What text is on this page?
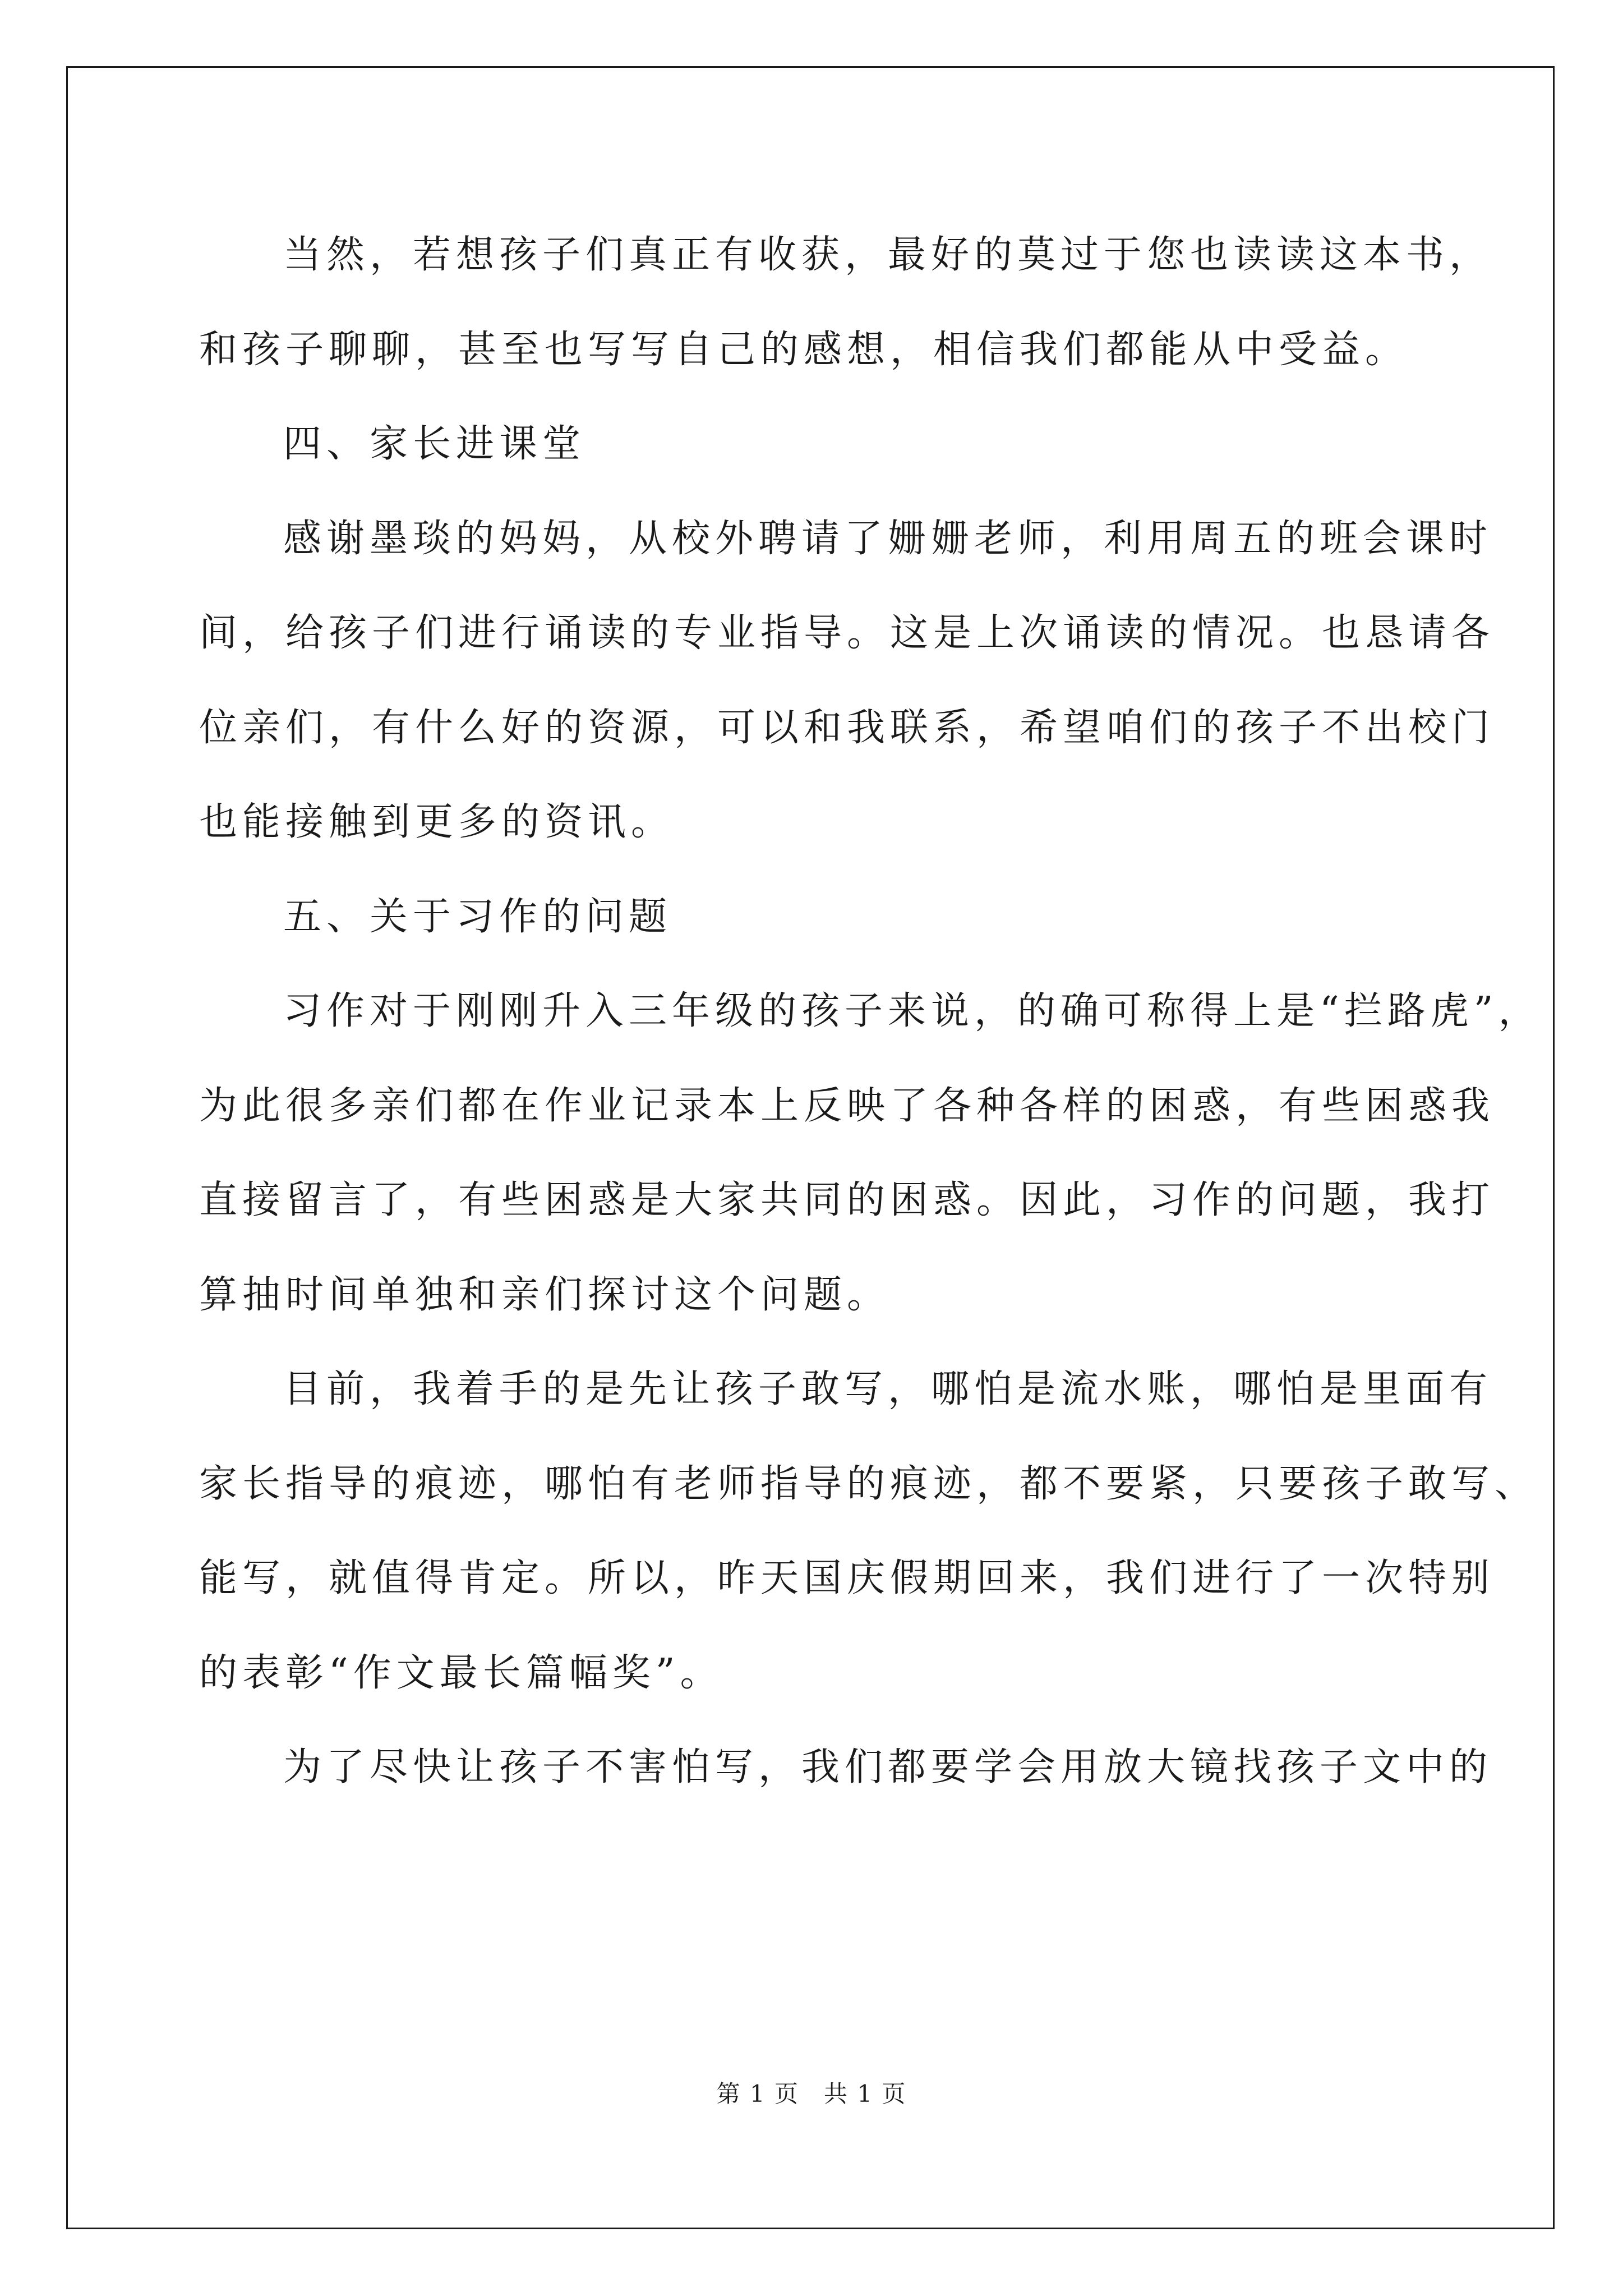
当然，若想孩子们真正有收获，最好的莫过于您也读读这本书，
和孩子聊聊，甚至也写写自己的感想，相信我们都能从中受益。
四、家长进课堂
感谢墨琰的妈妈，从校外聘请了姗姗老师，利用周五的班会课时
间，给孩子们进行诵读的专业指导。这是上次诵读的情况。也恳请各
位亲们，有什么好的资源，可以和我联系，希望咱们的孩子不出校门
也能接触到更多的资讯。
五、关于习作的问题
习作对于刚刚升入三年级的孩子来说，的确可称得上是“拦路虎”，
为此很多亲们都在作业记录本上反映了各种各样的困惑，有些困惑我
直接留言了，有些困惑是大家共同的困惑。因此，习作的问题，我打
算抽时间单独和亲们探讨这个问题。
目前，我着手的是先让孩子敢写，哪怕是流水账，哪怕是里面有
家长指导的痕迹，哪怕有老师指导的痕迹，都不要紧，只要孩子敢写、
能写，就值得肯定。所以，昨天国庆假期回来，我们进行了一次特别
的表彰“作文最长篇幅奖”。
为了尽快让孩子不害怕写，我们都要学会用放大镜找孩子文中的
第 1 页　共 1 页
